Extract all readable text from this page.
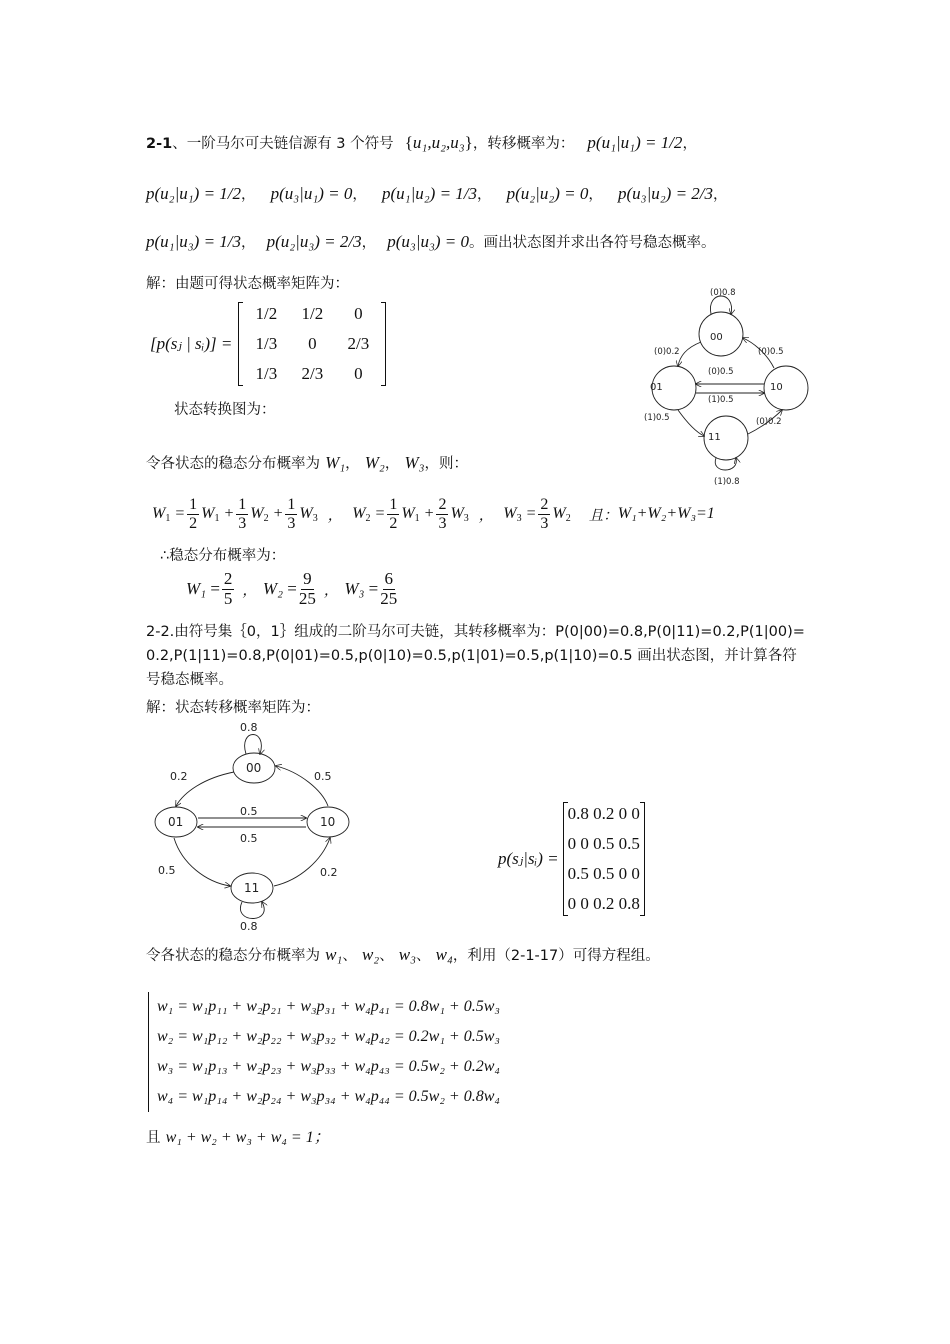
2-1、一阶马尔可夫链信源有 3 个符号 {u₁,u₂,u₃}，转移概率为： p(u₁|u₁) = 1/2，
p(u₂|u₁) = 1/2， p(u₃|u₁) = 0， p(u₁|u₂) = 1/3， p(u₂|u₂) = 0， p(u₃|u₂) = 2/3，
p(u₁|u₃) = 1/3， p(u₂|u₃) = 2/3， p(u₃|u₃) = 0。画出状态图并求出各符号稳态概率。
解：由题可得状态概率矩阵为：
[p(sⱼ | sᵢ)] =
1/2	1/2	0
1/3	0	2/3
1/3	2/3	0
状态转换图为：
(0)0.8
(0)0.2	(0)0.5
(0)0.5
(1)0.5
(1)0.5	(0)0.2
(1)0.8
00
01	10
11
令各状态的稳态分布概率为 W₁， W₂， W₃，则：
$W_1 = \frac{1}{2} W_1 + \frac{1}{3} W_2 + \frac{1}{3} W_3$ ， $W_2 = \frac{1}{2} W_1 + \frac{2}{3} W_3$ ， $W_3 = \frac{2}{3} W_2$ 且： W₁+W₂+W₃=1
∴稳态分布概率为：
$W_1 = \frac{2}{5}$ ， $W_2 = \frac{9}{25}$ ， $W_3 = \frac{6}{25}$
2-2.由符号集｛0，1｝组成的二阶马尔可夫链，其转移概率为：P(0|00)=0.8,P(0|11)=0.2,P(1|00)=0.2,P(1|11)=0.8,P(0|01)=0.5,p(0|10)=0.5,p(1|01)=0.5,p(1|10)=0.5 画出状态图，并计算各符号稳态概率。
解：状态转移概率矩阵为：
0.8
0.2	0.5
0.5
0.5
0.5	0.2
0.8
00
01	10
11
p(sⱼ|sᵢ) =
0.8 0.2 0 0
0 0 0.5 0.5
0.5 0.5 0 0
0 0 0.2 0.8
令各状态的稳态分布概率为 w₁、 w₂、 w₃、 w₄，利用（2-1-17）可得方程组。
w₁ = w₁p₁₁ + w₂p₂₁ + w₃p₃₁ + w₄p₄₁ = 0.8w₁ + 0.5w₃
w₂ = w₁p₁₂ + w₂p₂₂ + w₃p₃₂ + w₄p₄₂ = 0.2w₁ + 0.5w₃
w₃ = w₁p₁₃ + w₂p₂₃ + w₃p₃₃ + w₄p₄₃ = 0.5w₂ + 0.2w₄
w₄ = w₁p₁₄ + w₂p₂₄ + w₃p₃₄ + w₄p₄₄ = 0.5w₂ + 0.8w₄
且 w₁ + w₂ + w₃ + w₄ = 1；
